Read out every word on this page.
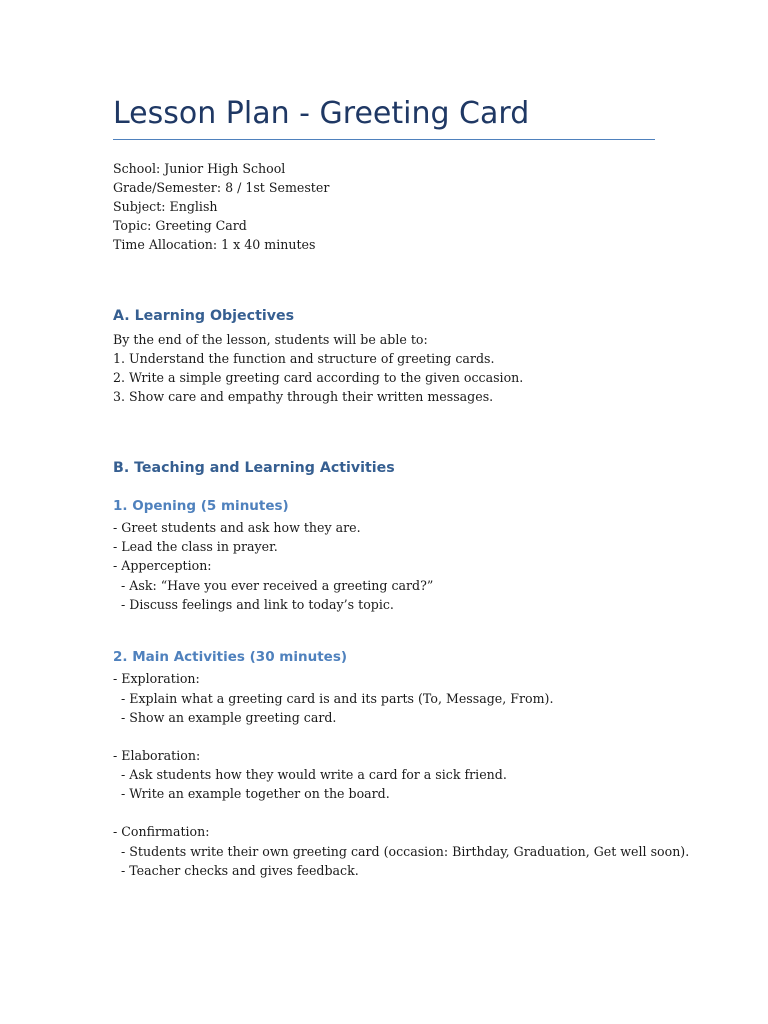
Lesson Plan - Greeting Card

School: Junior High School

Grade/Semester: 8 / 1st Semester

Subject: English

Topic: Greeting Card

Time Allocation: 1 x 40 minutes

A. Learning Objectives

By the end of the lesson, students will be able to:

1. Understand the function and structure of greeting cards.

2. Write a simple greeting card according to the given occasion.

3. Show care and empathy through their written messages.

B. Teaching and Learning Activities
1. Opening (5 minutes)

- Greet students and ask how they are.

- Lead the class in prayer.

- Apperception:

- Ask: “Have you ever received a greeting card?”

- Discuss feelings and link to today’s topic.

2. Main Activities (30 minutes)

- Exploration:

- Explain what a greeting card is and its parts (To, Message, From).

- Show an example greeting card.

- Elaboration:

- Ask students how they would write a card for a sick friend.

- Write an example together on the board.

- Confirmation:

- Students write their own greeting card (occasion: Birthday, Graduation, Get well soon).

- Teacher checks and gives feedback.
